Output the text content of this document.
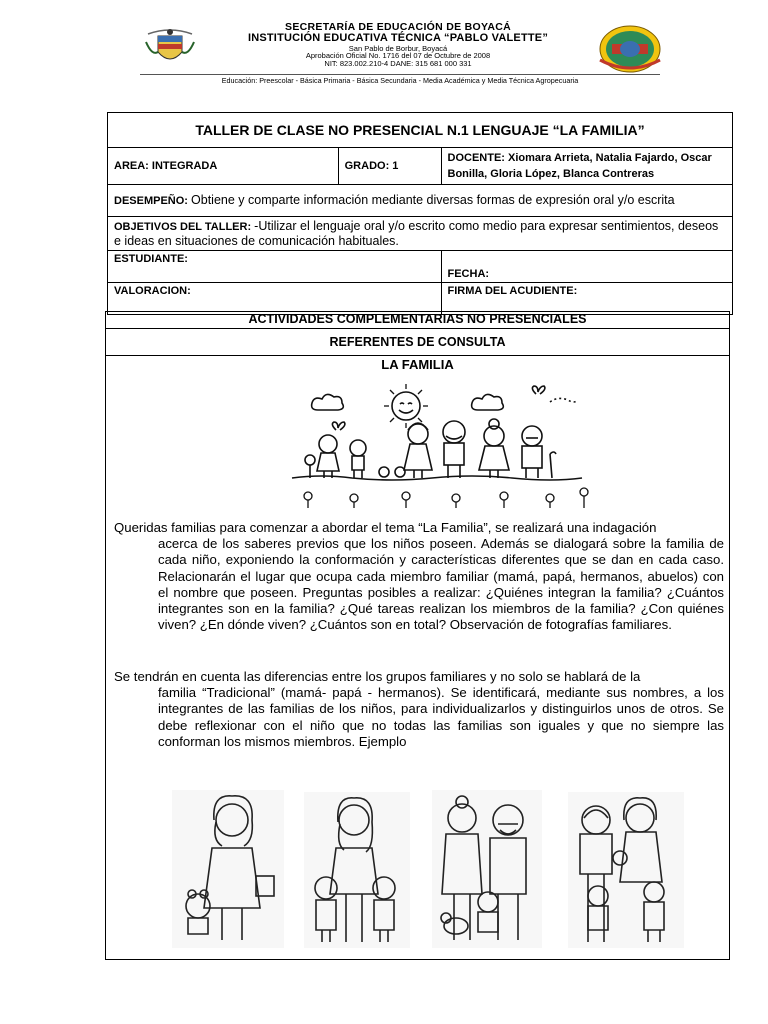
SECRETARÍA DE EDUCACIÓN DE BOYACÁ
INSTITUCIÓN EDUCATIVA TÉCNICA “PABLO VALETTE”
San Pablo de Borbur, Boyacá
Aprobación Oficial No. 1716 del 07 de Octubre de 2008
NIT: 823.002.210-4 DANE: 315 681 000 331
Educación: Preescolar - Básica Primaria - Básica Secundaria - Media Académica y Media Técnica Agropecuaria
TALLER DE CLASE NO PRESENCIAL N.1 LENGUAJE “LA FAMILIA”		
AREA: INTEGRADA	GRADO: 1	DOCENTE: Xiomara Arrieta, Natalia Fajardo, Oscar Bonilla, Gloria López, Blanca Contreras
DESEMPEÑO: Obtiene y comparte información mediante diversas formas de expresión oral y/o escrita		
OBJETIVOS DEL TALLER: -Utilizar el lenguaje oral y/o escrito como medio para expresar sentimientos, deseos e ideas en situaciones de comunicación habituales.		
ESTUDIANTE:		FECHA:
VALORACION:		FIRMA DEL ACUDIENTE:
ACTIVIDADES COMPLEMENTARIAS NO PRESENCIALES
REFERENTES DE CONSULTA
LA FAMILIA
Queridas familias para comenzar a abordar el tema “La Familia”, se realizará una indagación
acerca de los saberes previos que los niños poseen. Además se dialogará sobre la familia de cada niño, exponiendo la conformación y características diferentes que se dan en cada caso. Relacionarán el lugar que ocupa cada miembro familiar (mamá, papá, hermanos, abuelos) con el nombre que poseen. Preguntas posibles a realizar: ¿Quiénes integran la familia? ¿Cuántos integrantes son en la familia? ¿Qué tareas realizan los miembros de la familia? ¿Con quiénes viven? ¿En dónde viven? ¿Cuántos son en total? Observación de fotografías familiares.
Se tendrán en cuenta las diferencias entre los grupos familiares y no solo se hablará de la
familia “Tradicional” (mamá- papá - hermanos). Se identificará, mediante sus nombres, a los integrantes de las familias de los niños, para individualizarlos y distinguirlos unos de otros. Se debe reflexionar con el niño que no todas las familias son iguales y que no siempre las conforman los mismos miembros. Ejemplo
